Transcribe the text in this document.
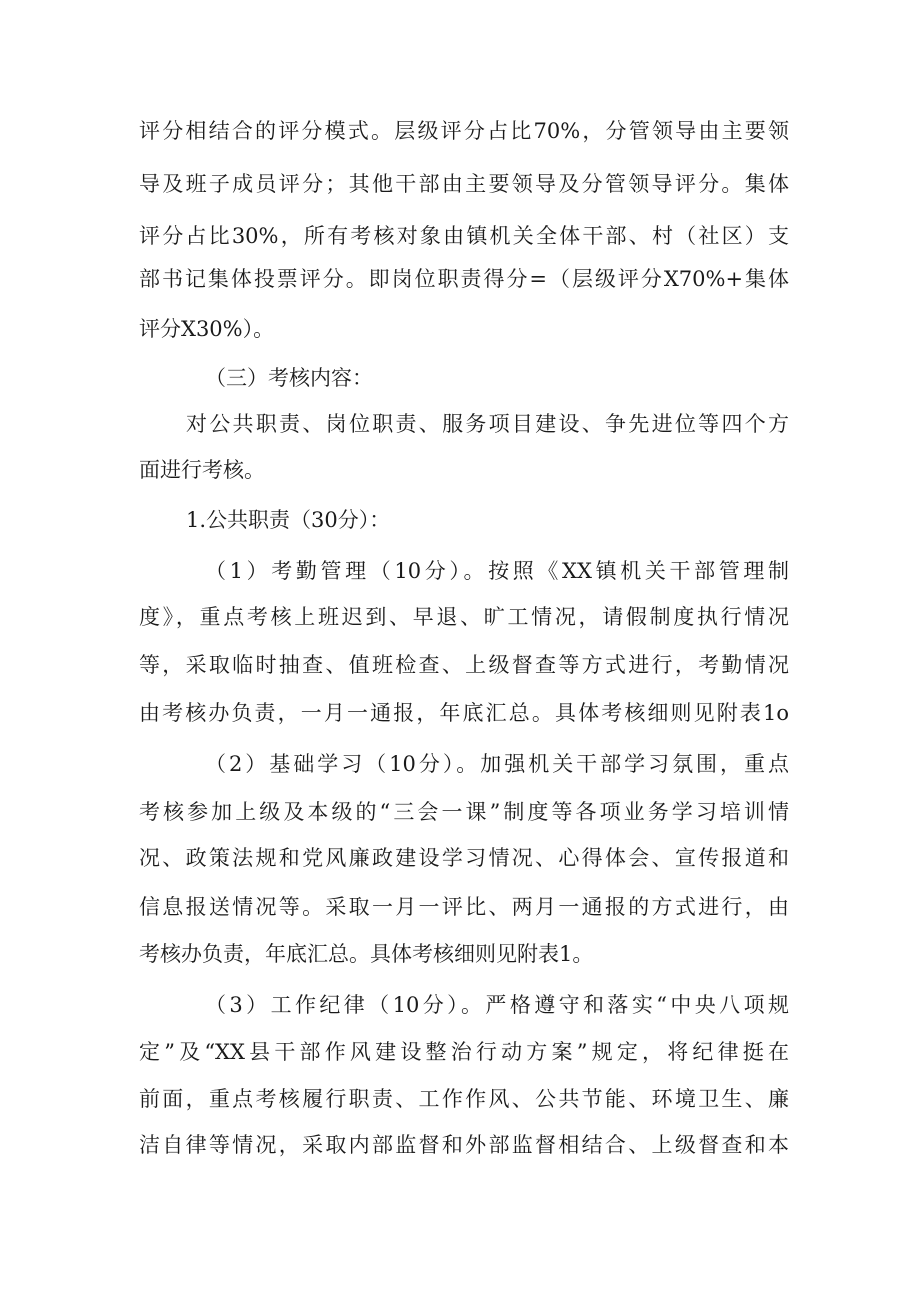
评分相结合的评分模式。层级评分占比70%，分管领导由主要领
导及班子成员评分；其他干部由主要领导及分管领导评分。集体
评分占比30%，所有考核对象由镇机关全体干部、村（社区）支
部书记集体投票评分。即岗位职责得分=（层级评分X70%+集体
评分X30%）。
（三）考核内容：
对公共职责、岗位职责、服务项目建设、争先进位等四个方
面进行考核。
1.公共职责（30分）：
（1）考勤管理（10分）。按照《XX镇机关干部管理制
度》，重点考核上班迟到、早退、旷工情况，请假制度执行情况
等，采取临时抽查、值班检查、上级督查等方式进行，考勤情况
由考核办负责，一月一通报，年底汇总。具体考核细则见附表1o
（2）基础学习（10分）。加强机关干部学习氛围，重点
考核参加上级及本级的“三会一课”制度等各项业务学习培训情
况、政策法规和党风廉政建设学习情况、心得体会、宣传报道和
信息报送情况等。采取一月一评比、两月一通报的方式进行，由
考核办负责，年底汇总。具体考核细则见附表1。
（3）工作纪律（10分）。严格遵守和落实“中央八项规
定”及“XX县干部作风建设整治行动方案”规定，将纪律挺在
前面，重点考核履行职责、工作作风、公共节能、环境卫生、廉
洁自律等情况，采取内部监督和外部监督相结合、上级督查和本
